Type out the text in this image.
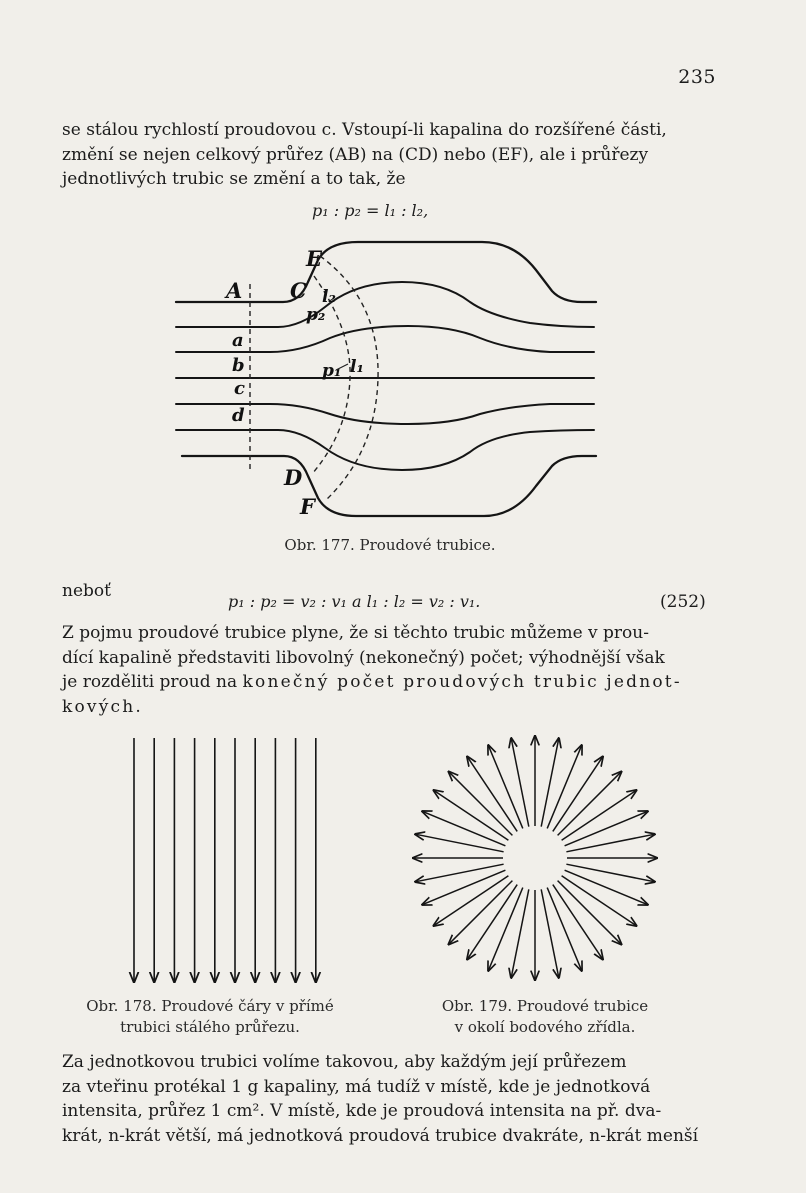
235
se stálou rychlostí proudovou c. Vstoupí-li kapalina do rozšířené části,
změní se nejen celkový průřez (AB) na (CD) nebo (EF), ale i průřezy
jednotlivých trubic se změní a to tak, že
p₁ : p₂ = l₁ : l₂,
A
a
b
c
d
C
E
D
F
p₂
l₂
p₁ l₁
Obr. 177. Proudové trubice.
neboť
p₁ : p₂ = v₂ : v₁ a l₁ : l₂ = v₂ : v₁.	(252)
Z pojmu proudové trubice plyne, že si těchto trubic můžeme v prou-
dící kapalině představiti libovolný (nekonečný) počet; výhodnější však
je rozděliti proud na konečný počet proudových trubic jednot-
kových.
Obr. 178. Proudové čáry v přímé
trubici stálého průřezu.
Obr. 179. Proudové trubice
v okolí bodového zřídla.
Za jednotkovou trubici volíme takovou, aby každým její průřezem
za vteřinu protékal 1 g kapaliny, má tudíž v místě, kde je jednotková
intensita, průřez 1 cm². V místě, kde je proudová intensita na př. dva-
krát, n-krát větší, má jednotková proudová trubice dvakráte, n-krát menší
